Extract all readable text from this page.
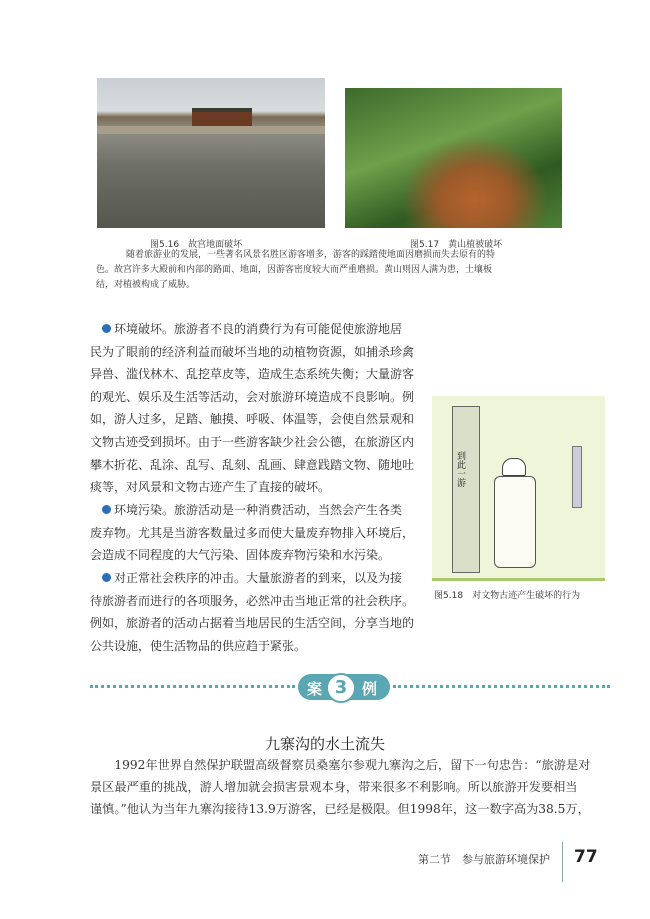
图5.16　 故宫地面破坏	图5.17　 黄山植被破坏
随着旅游业的发展，一些著名风景名胜区游客增多，游客的踩踏使地面因磨损而失去原有的特
色。故宫许多大殿前和内部的路面、地面，因游客密度较大而严重磨损。黄山则因人满为患，土壤板
结，对植被构成了威胁。
环境破坏。旅游者不良的消费行为有可能促使旅游地居
民为了眼前的经济利益而破坏当地的动植物资源，如捕杀珍禽
异兽、滥伐林木、乱挖草皮等，造成生态系统失衡；大量游客
的观光、娱乐及生活等活动，会对旅游环境造成不良影响。例
如，游人过多，足踏、触摸、呼吸、体温等，会使自然景观和
文物古迹受到损坏。由于一些游客缺少社会公德，在旅游区内
攀木折花、乱涂、乱写、乱刻、乱画、肆意践踏文物、随地吐
痰等，对风景和文物古迹产生了直接的破坏。
环境污染。旅游活动是一种消费活动，当然会产生各类
废弃物。尤其是当游客数量过多而使大量废弃物排入环境后，
会造成不同程度的大气污染、固体废弃物污染和水污染。
对正常社会秩序的冲击。大量旅游者的到来，以及为接
待旅游者而进行的各项服务，必然冲击当地正常的社会秩序。
例如，旅游者的活动占据着当地居民的生活空间，分享当地的
公共设施，使生活物品的供应趋于紧张。
到此一游
图5.18　 对文物古迹产生破坏的行为
案 3 例
九寨沟的水土流失
　　1992年世界自然保护联盟高级督察员桑塞尔参观九寨沟之后，留下一句忠告：“旅游是对
景区最严重的挑战，游人增加就会损害景观本身，带来很多不利影响。所以旅游开发要相当
谨慎。”他认为当年九寨沟接待13.9万游客，已经是极限。但1998年，这一数字高为38.5万，
第二节　参与旅游环境保护 77
